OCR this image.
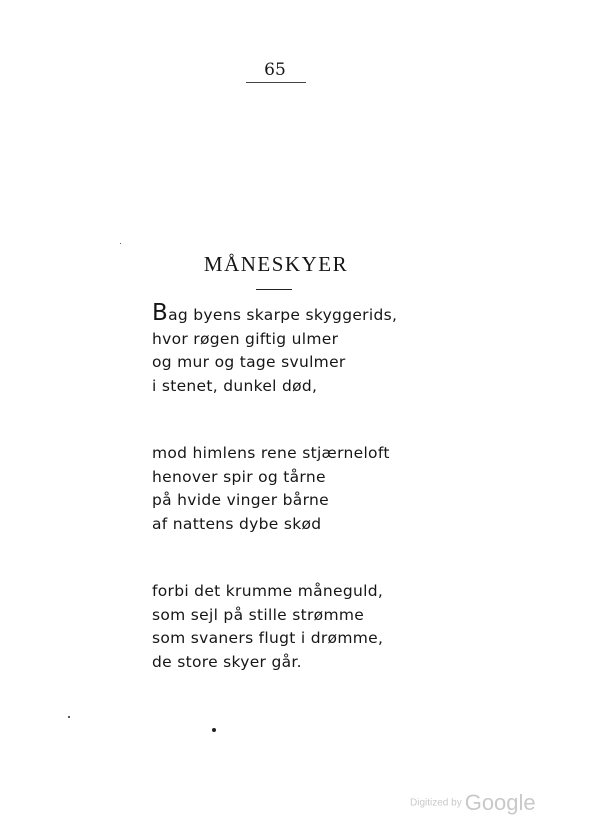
65
MÅNESKYER
Bag byens skarpe skyggerids,
hvor røgen giftig ulmer
og mur og tage svulmer
i stenet, dunkel død,
mod himlens rene stjærneloft
henover spir og tårne
på hvide vinger bårne
af nattens dybe skød
forbi det krumme måneguld,
som sejl på stille strømme
som svaners flugt i drømme,
de store skyer går.
Digitized by Google
